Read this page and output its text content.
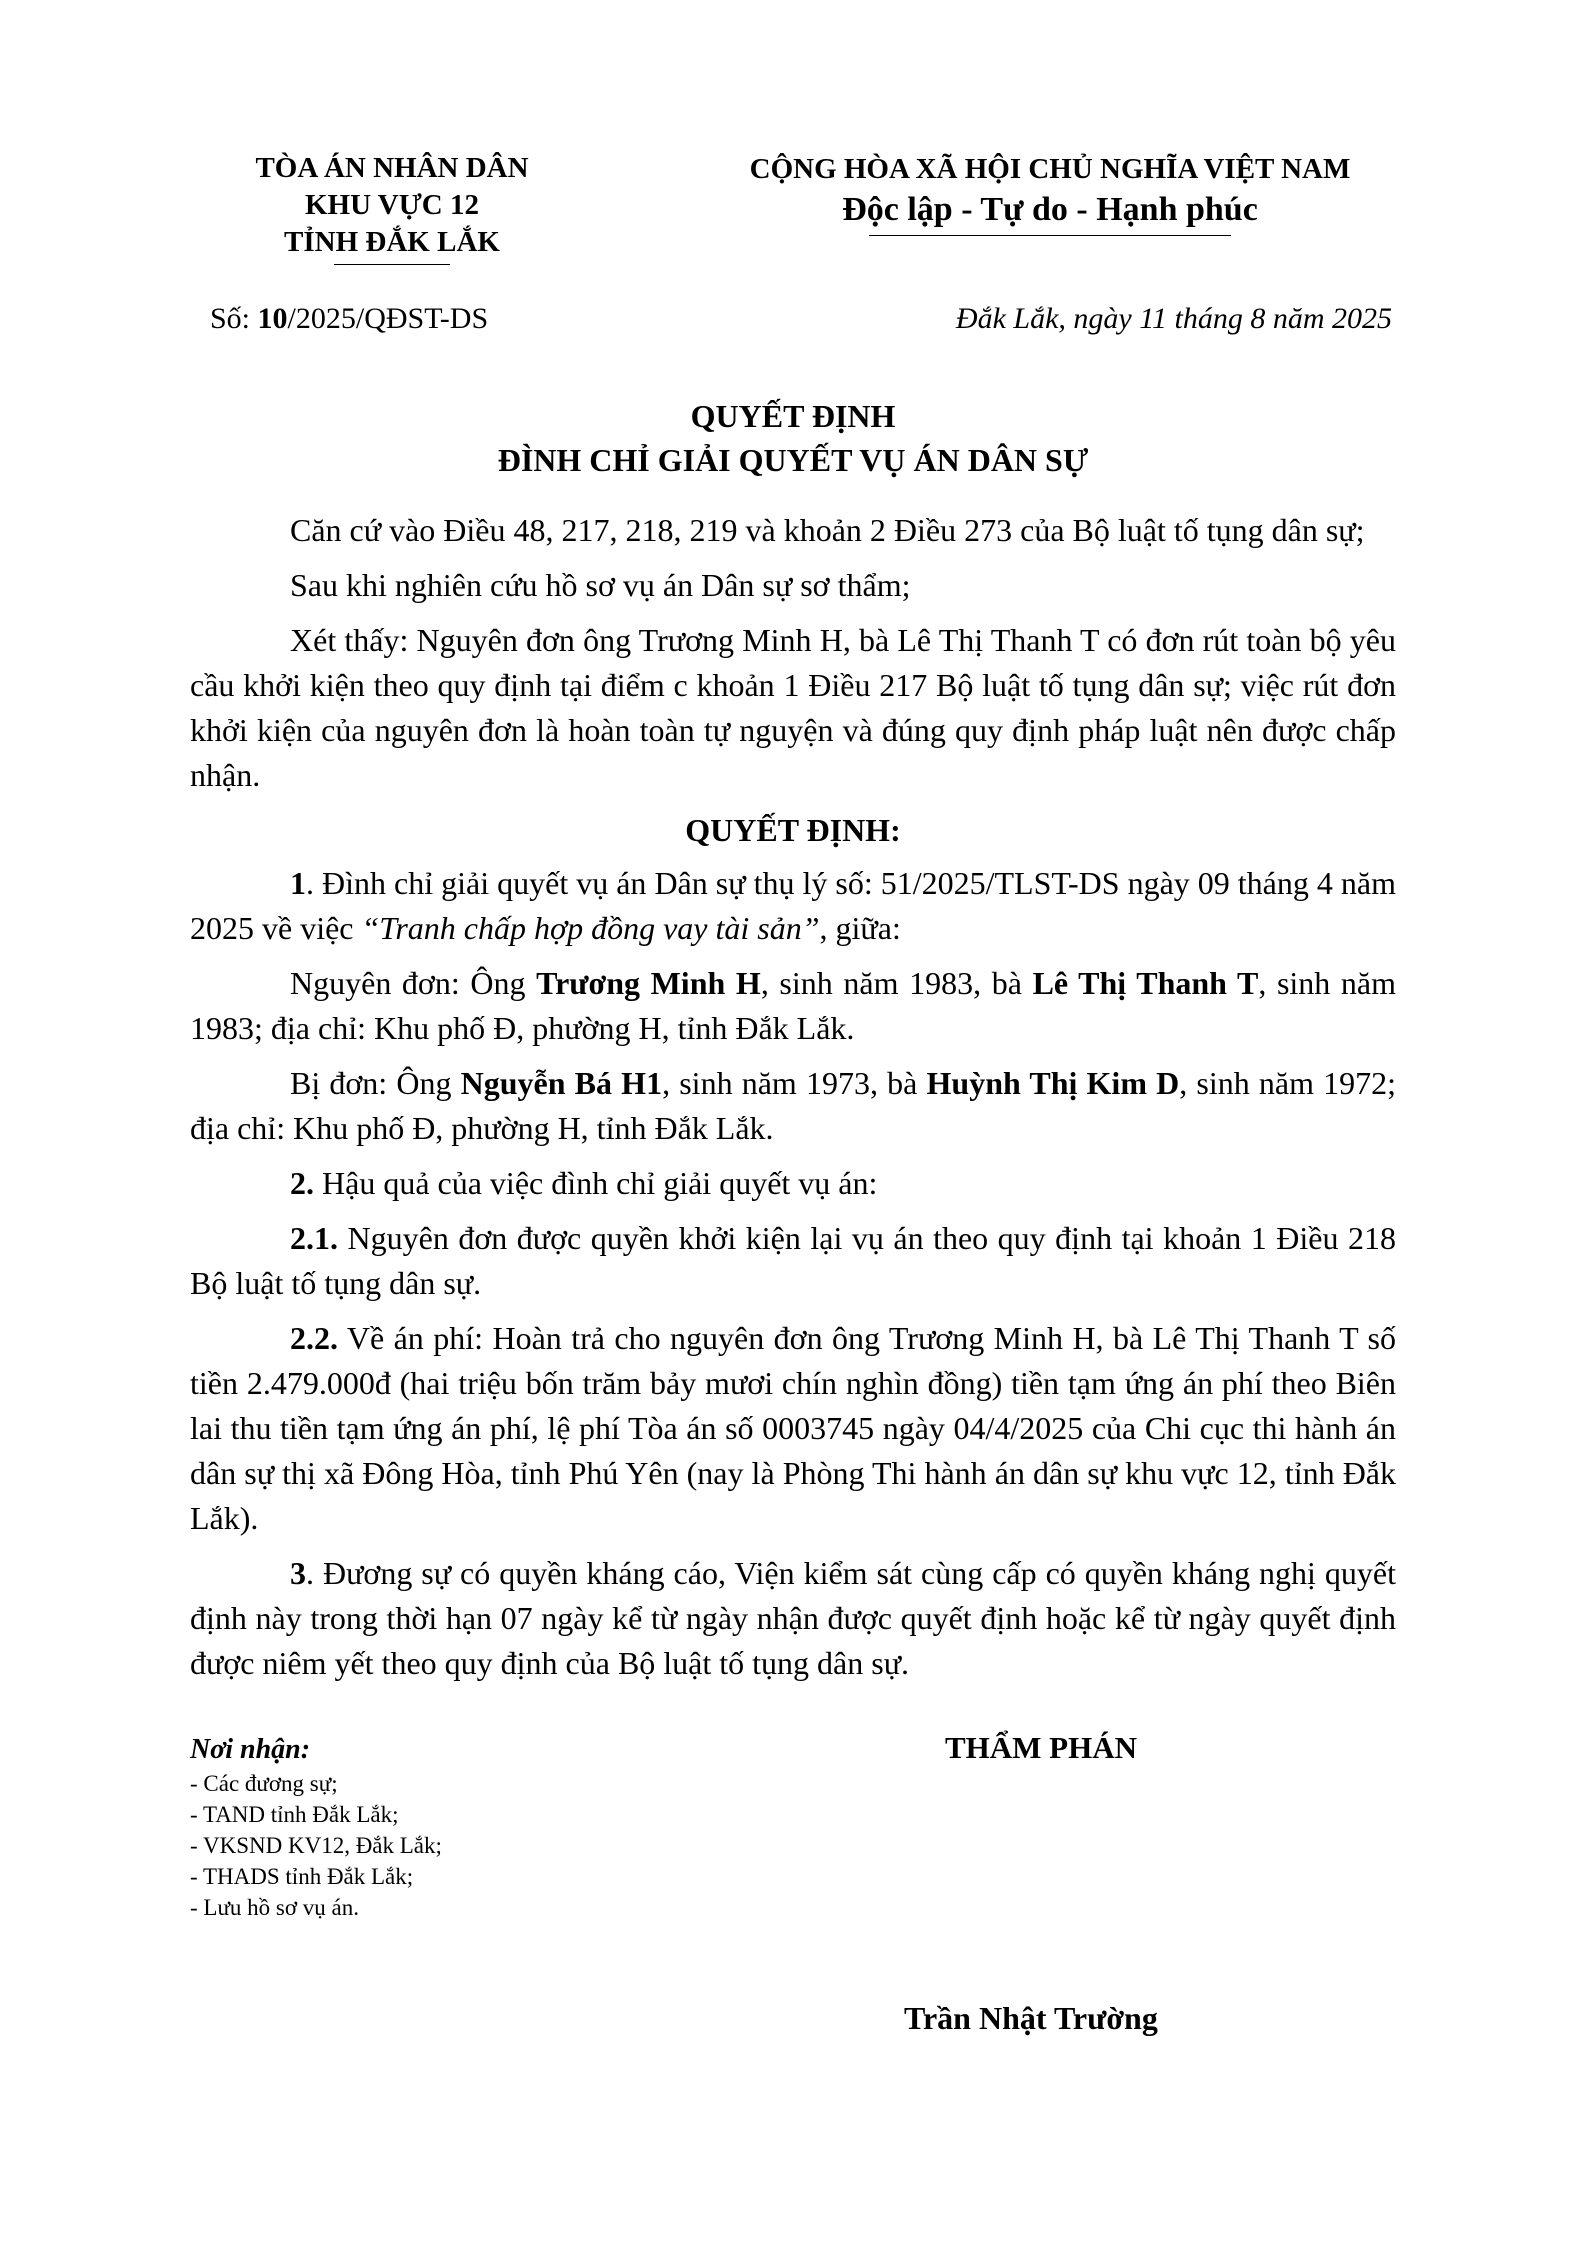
TÒA ÁN NHÂN DÂN
KHU VỰC 12
TỈNH ĐẮK LẮK
CỘNG HÒA XÃ HỘI CHỦ NGHĨA VIỆT NAM
Độc lập - Tự do - Hạnh phúc
Số: 10/2025/QĐST-DS	Đắk Lắk, ngày 11 tháng 8 năm 2025
QUYẾT ĐỊNH
ĐÌNH CHỈ GIẢI QUYẾT VỤ ÁN DÂN SỰ

Căn cứ vào Điều 48, 217, 218, 219 và khoản 2 Điều 273 của Bộ luật tố tụng dân sự;

Sau khi nghiên cứu hồ sơ vụ án Dân sự sơ thẩm;

Xét thấy: Nguyên đơn ông Trương Minh H, bà Lê Thị Thanh T có đơn rút toàn bộ yêu cầu khởi kiện theo quy định tại điểm c khoản 1 Điều 217 Bộ luật tố tụng dân sự; việc rút đơn khởi kiện của nguyên đơn là hoàn toàn tự nguyện và đúng quy định pháp luật nên được chấp nhận.

QUYẾT ĐỊNH:

1. Đình chỉ giải quyết vụ án Dân sự thụ lý số: 51/2025/TLST-DS ngày 09 tháng 4 năm 2025 về việc “Tranh chấp hợp đồng vay tài sản”, giữa:

Nguyên đơn: Ông Trương Minh H, sinh năm 1983, bà Lê Thị Thanh T, sinh năm 1983; địa chỉ: Khu phố Đ, phường H, tỉnh Đắk Lắk.

Bị đơn: Ông Nguyễn Bá H1, sinh năm 1973, bà Huỳnh Thị Kim D, sinh năm 1972; địa chỉ: Khu phố Đ, phường H, tỉnh Đắk Lắk.

2. Hậu quả của việc đình chỉ giải quyết vụ án:

2.1. Nguyên đơn được quyền khởi kiện lại vụ án theo quy định tại khoản 1 Điều 218 Bộ luật tố tụng dân sự.

2.2. Về án phí: Hoàn trả cho nguyên đơn ông Trương Minh H, bà Lê Thị Thanh T số tiền 2.479.000đ (hai triệu bốn trăm bảy mươi chín nghìn đồng) tiền tạm ứng án phí theo Biên lai thu tiền tạm ứng án phí, lệ phí Tòa án số 0003745 ngày 04/4/2025 của Chi cục thi hành án dân sự thị xã Đông Hòa, tỉnh Phú Yên (nay là Phòng Thi hành án dân sự khu vực 12, tỉnh Đắk Lắk).

3. Đương sự có quyền kháng cáo, Viện kiểm sát cùng cấp có quyền kháng nghị quyết định này trong thời hạn 07 ngày kể từ ngày nhận được quyết định hoặc kể từ ngày quyết định được niêm yết theo quy định của Bộ luật tố tụng dân sự.

Nơi nhận:
- Các đương sự;
- TAND tỉnh Đắk Lắk;
- VKSND KV12, Đắk Lắk;
- THADS tỉnh Đắk Lắk;
- Lưu hồ sơ vụ án.
THẨM PHÁN
Trần Nhật Trường
